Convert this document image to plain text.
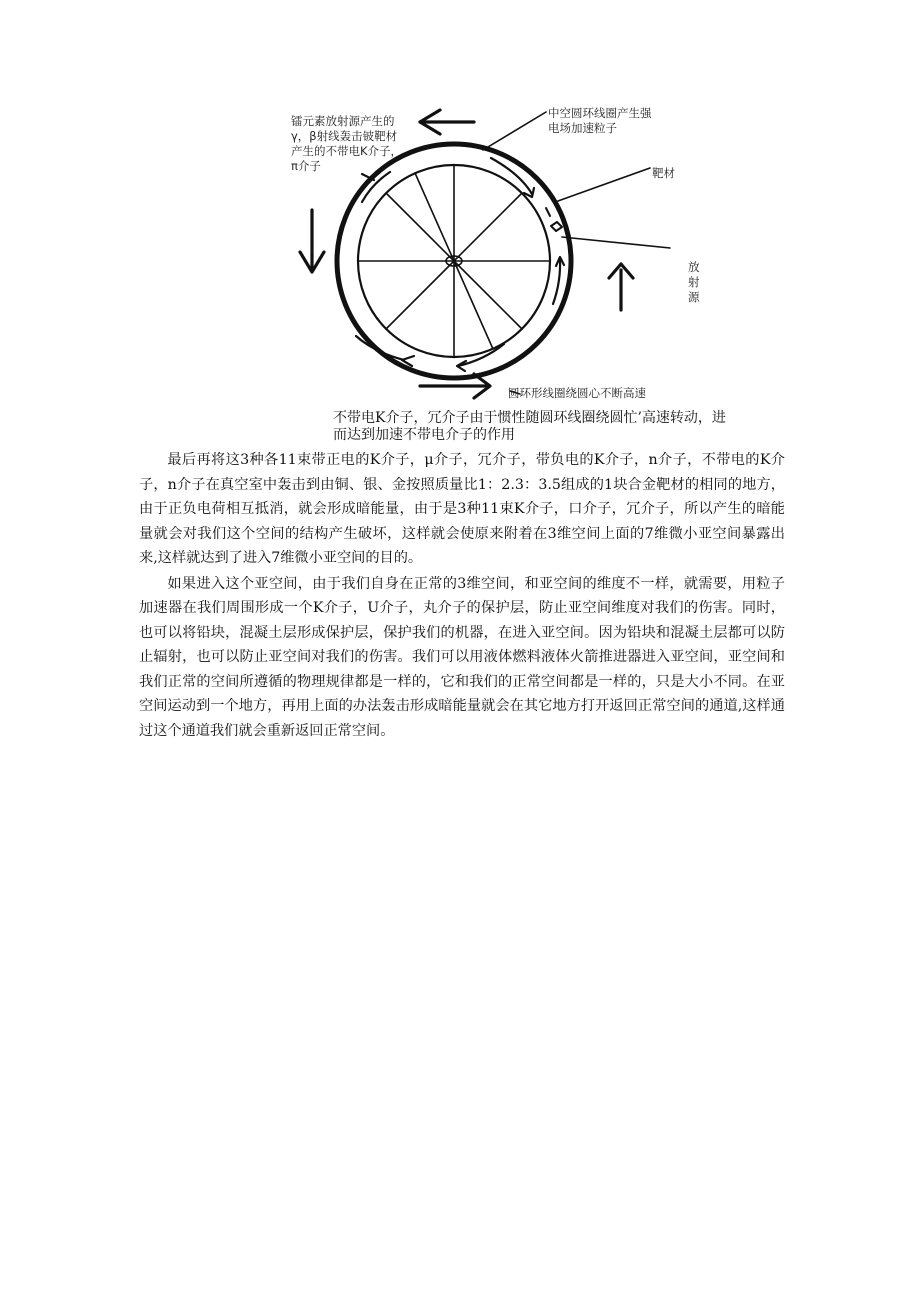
镭元素放射源产生的
γ，β射线轰击铍靶材
产生的不带电K介子，
π介子
中空圆环线圈产生强
电场加速粒子
靶材
放射源
圆环形线圈绕圆心不断高速
不带电K介子，冗介子由于惯性随圆环线圈绕圆忙’高速转动，进
而达到加速不带电介子的作用

最后再将这3种各11束带正电的K介子，μ介子，冗介子，带负电的K介子，n介子，不带电的K介子，n介子在真空室中轰击到由铜、银、金按照质量比1：2.3：3.5组成的1块合金靶材的相同的地方，由于正负电荷相互抵消，就会形成暗能量，由于是3种11束K介子，口介子，冗介子，所以产生的暗能量就会对我们这个空间的结构产生破坏，这样就会使原来附着在3维空间上面的7维微小亚空间暴露出来,这样就达到了进入7维微小亚空间的目的。

如果进入这个亚空间，由于我们自身在正常的3维空间，和亚空间的维度不一样，就需要，用粒子加速器在我们周围形成一个K介子，U介子，丸介子的保护层，防止亚空间维度对我们的伤害。同时，也可以将铅块，混凝土层形成保护层，保护我们的机器，在进入亚空间。因为铅块和混凝土层都可以防止辐射，也可以防止亚空间对我们的伤害。我们可以用液体燃料液体火箭推进器进入亚空间，亚空间和我们正常的空间所遵循的物理规律都是一样的，它和我们的正常空间都是一样的，只是大小不同。在亚空间运动到一个地方，再用上面的办法轰击形成暗能量就会在其它地方打开返回正常空间的通道,这样通过这个通道我们就会重新返回正常空间。
